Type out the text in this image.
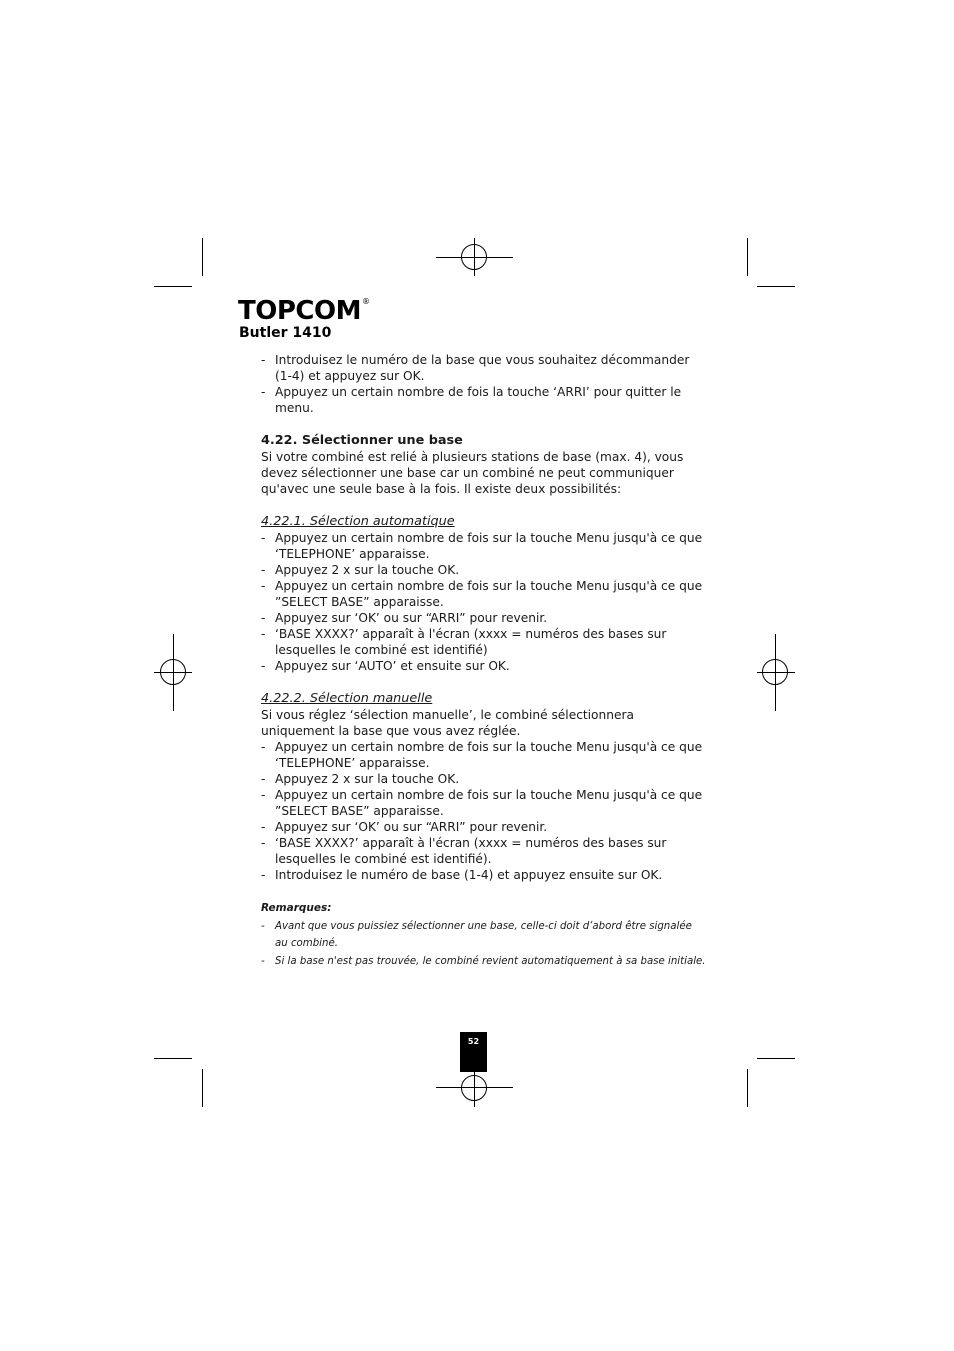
TOPCOM®
Butler 1410
- Introduisez le numéro de la base que vous souhaitez décommander (1-4) et appuyez sur OK.
- Appuyez un certain nombre de fois la touche ‘ARRI’ pour quitter le menu.
4.22. Sélectionner une base

Si votre combiné est relié à plusieurs stations de base (max. 4), vous devez sélectionner une base car un combiné ne peut communiquer qu'avec une seule base à la fois. Il existe deux possibilités:

4.22.1. Sélection automatique
- Appuyez un certain nombre de fois sur la touche Menu jusqu'à ce que ‘TELEPHONE’ apparaisse.
- Appuyez 2 x sur la touche OK.
- Appuyez un certain nombre de fois sur la touche Menu jusqu'à ce que ”SELECT BASE” apparaisse.
- Appuyez sur ‘OK’ ou sur “ARRI” pour revenir.
- ‘BASE XXXX?’ apparaît à l'écran (xxxx = numéros des bases sur lesquelles le combiné est identifié)
- Appuyez sur ‘AUTO’ et ensuite sur OK.
4.22.2. Sélection manuelle

Si vous réglez ‘sélection manuelle’, le combiné sélectionnera uniquement la base que vous avez réglée.

- Appuyez un certain nombre de fois sur la touche Menu jusqu'à ce que ‘TELEPHONE’ apparaisse.
- Appuyez 2 x sur la touche OK.
- Appuyez un certain nombre de fois sur la touche Menu jusqu'à ce que ”SELECT BASE” apparaisse.
- Appuyez sur ‘OK’ ou sur “ARRI” pour revenir.
- ‘BASE XXXX?’ apparaît à l'écran (xxxx = numéros des bases sur lesquelles le combiné est identifié).
- Introduisez le numéro de base (1-4) et appuyez ensuite sur OK.
Remarques:
- Avant que vous puissiez sélectionner une base, celle-ci doit d’abord être signalée au combiné.
- Si la base n'est pas trouvée, le combiné revient automatiquement à sa base initiale.
52
